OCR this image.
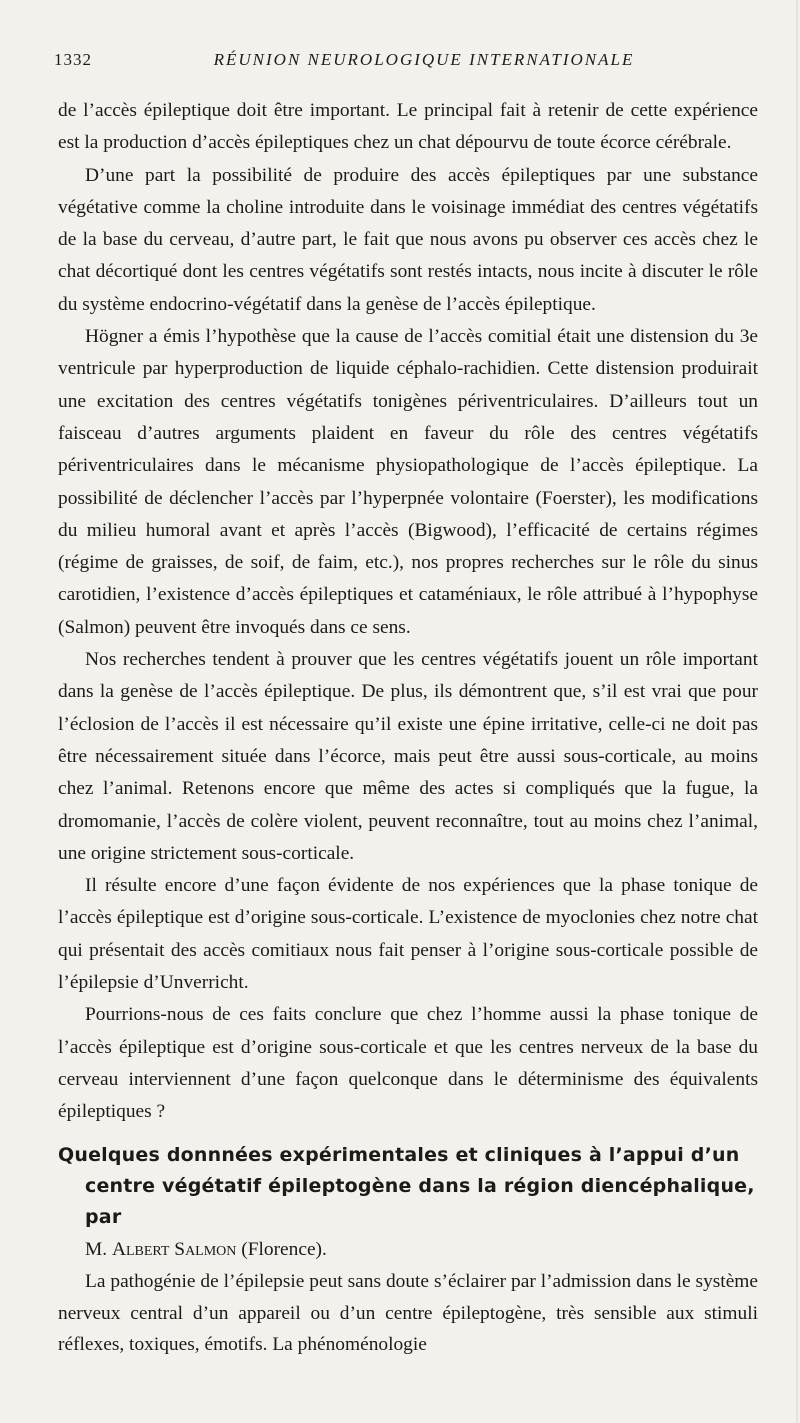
1332	RÉUNION NEUROLOGIQUE INTERNATIONALE

de l’accès épileptique doit être important. Le principal fait à retenir de cette expérience est la production d’accès épileptiques chez un chat dépourvu de toute écorce cérébrale.

D’une part la possibilité de produire des accès épileptiques par une substance végétative comme la choline introduite dans le voisinage immédiat des centres végétatifs de la base du cerveau, d’autre part, le fait que nous avons pu observer ces accès chez le chat décortiqué dont les centres végétatifs sont restés intacts, nous incite à discuter le rôle du système endocrino-végétatif dans la genèse de l’accès épileptique.

Högner a émis l’hypothèse que la cause de l’accès comitial était une distension du 3e ventricule par hyperproduction de liquide céphalo-rachidien. Cette distension produirait une excitation des centres végétatifs tonigènes périventriculaires. D’ailleurs tout un faisceau d’autres arguments plaident en faveur du rôle des centres végétatifs périventriculaires dans le mécanisme physiopathologique de l’accès épileptique. La possibilité de déclencher l’accès par l’hyperpnée volontaire (Foerster), les modifications du milieu humoral avant et après l’accès (Bigwood), l’efficacité de certains régimes (régime de graisses, de soif, de faim, etc.), nos propres recherches sur le rôle du sinus carotidien, l’existence d’accès épileptiques et cataméniaux, le rôle attribué à l’hypophyse (Salmon) peuvent être invoqués dans ce sens.

Nos recherches tendent à prouver que les centres végétatifs jouent un rôle important dans la genèse de l’accès épileptique. De plus, ils démontrent que, s’il est vrai que pour l’éclosion de l’accès il est nécessaire qu’il existe une épine irritative, celle-ci ne doit pas être nécessairement située dans l’écorce, mais peut être aussi sous-corticale, au moins chez l’animal. Retenons encore que même des actes si compliqués que la fugue, la dromomanie, l’accès de colère violent, peuvent reconnaître, tout au moins chez l’animal, une origine strictement sous-corticale.

Il résulte encore d’une façon évidente de nos expériences que la phase tonique de l’accès épileptique est d’origine sous-corticale. L’existence de myoclonies chez notre chat qui présentait des accès comitiaux nous fait penser à l’origine sous-corticale possible de l’épilepsie d’Unverricht.

Pourrions-nous de ces faits conclure que chez l’homme aussi la phase tonique de l’accès épileptique est d’origine sous-corticale et que les centres nerveux de la base du cerveau interviennent d’une façon quelconque dans le déterminisme des équivalents épileptiques ?

Quelques donnnées expérimentales et cliniques à l’appui d’un
centre végétatif épileptogène dans la région diencéphalique, par

M. Albert Salmon (Florence).

La pathogénie de l’épilepsie peut sans doute s’éclairer par l’admission dans le système nerveux central d’un appareil ou d’un centre épileptogène, très sensible aux stimuli réflexes, toxiques, émotifs. La phénoménologie
